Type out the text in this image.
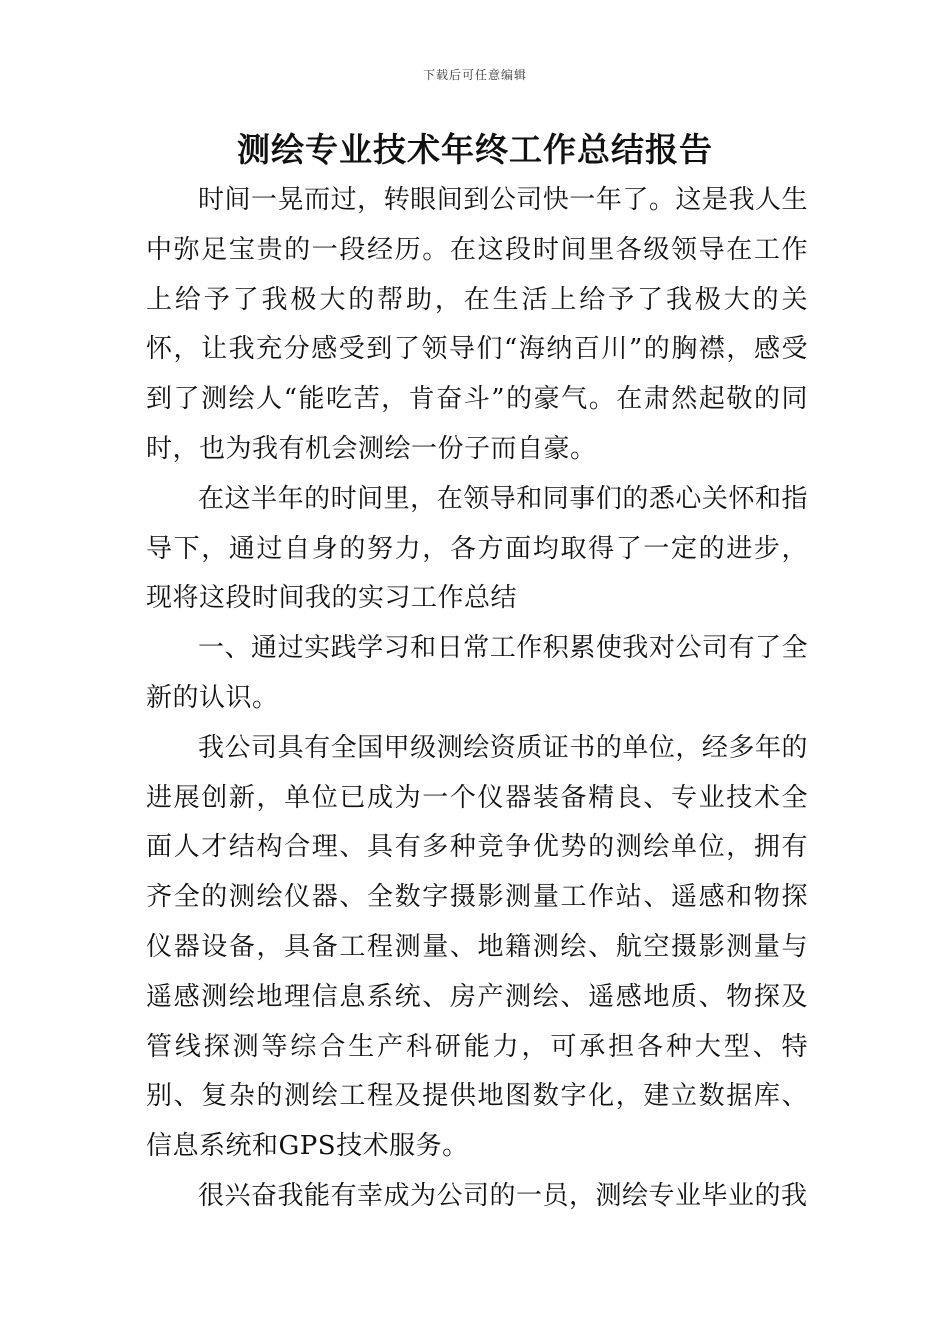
下载后可任意编辑
测绘专业技术年终工作总结报告

时间一晃而过，转眼间到公司快一年了。这是我人生中弥足宝贵的一段经历。在这段时间里各级领导在工作上给予了我极大的帮助，在生活上给予了我极大的关怀，让我充分感受到了领导们“海纳百川”的胸襟，感受到了测绘人“能吃苦，肯奋斗”的豪气。在肃然起敬的同时，也为我有机会测绘一份子而自豪。

在这半年的时间里，在领导和同事们的悉心关怀和指导下，通过自身的努力，各方面均取得了一定的进步，现将这段时间我的实习工作总结

一、通过实践学习和日常工作积累使我对公司有了全新的认识。

我公司具有全国甲级测绘资质证书的单位，经多年的进展创新，单位已成为一个仪器装备精良、专业技术全面人才结构合理、具有多种竞争优势的测绘单位，拥有齐全的测绘仪器、全数字摄影测量工作站、遥感和物探仪器设备，具备工程测量、地籍测绘、航空摄影测量与遥感测绘地理信息系统、房产测绘、遥感地质、物探及管线探测等综合生产科研能力，可承担各种大型、特别、复杂的测绘工程及提供地图数字化，建立数据库、信息系统和GPS技术服务。

很兴奋我能有幸成为公司的一员，测绘专业毕业的我
